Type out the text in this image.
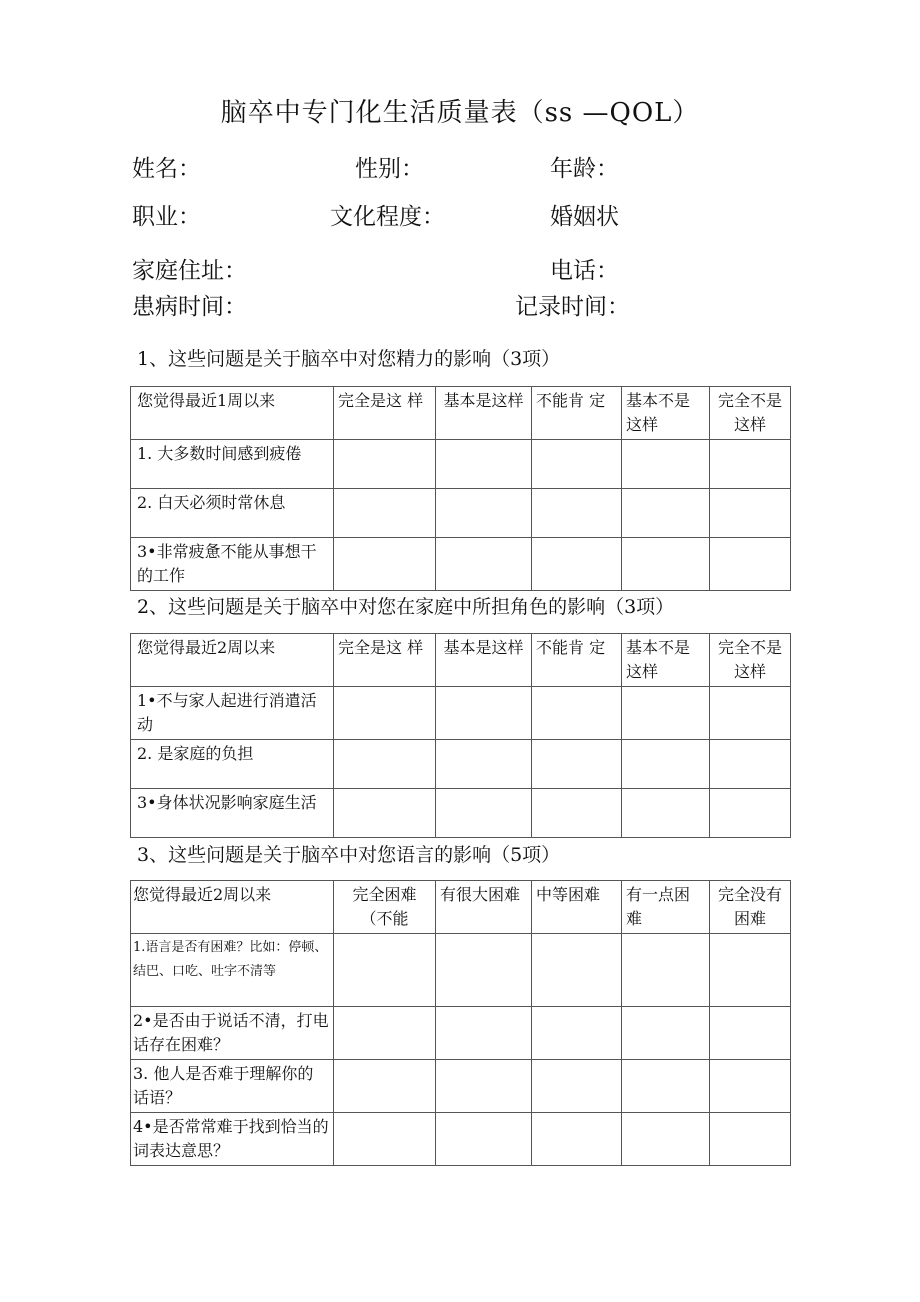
脑卒中专门化生活质量表（ss —QOL）
姓名：	性别：	年龄：
职业：	文化程度：	婚姻状
家庭住址：	电话：
患病时间：	记录时间：
1、这些问题是关于脑卒中对您精力的影响（3项）
您觉得最近1周以来	完全是这 样	基本是这样	不能肯 定	基本不是这样	完全不是这样
1. 大多数时间感到疲倦					
2. 白天必须时常休息					
3•非常疲惫不能从事想干的工作					
2、这些问题是关于脑卒中对您在家庭中所担角色的影响（3项）
您觉得最近2周以来	完全是这 样	基本是这样	不能肯 定	基本不是这样	完全不是这样
1•不与家人起进行消遣活动					
2. 是家庭的负担					
3•身体状况影响家庭生活					
3、这些问题是关于脑卒中对您语言的影响（5项）
您觉得最近2周以来	完全困难（不能	有很大困难	中等困难	有一点困难	完全没有困难
1.语言是否有困难？比如：停顿、结巴、口吃、吐字不清等					
2•是否由于说话不清，打电话存在困难？					
3. 他人是否难于理解你的话语？					
4•是否常常难于找到恰当的词表达意思？					
